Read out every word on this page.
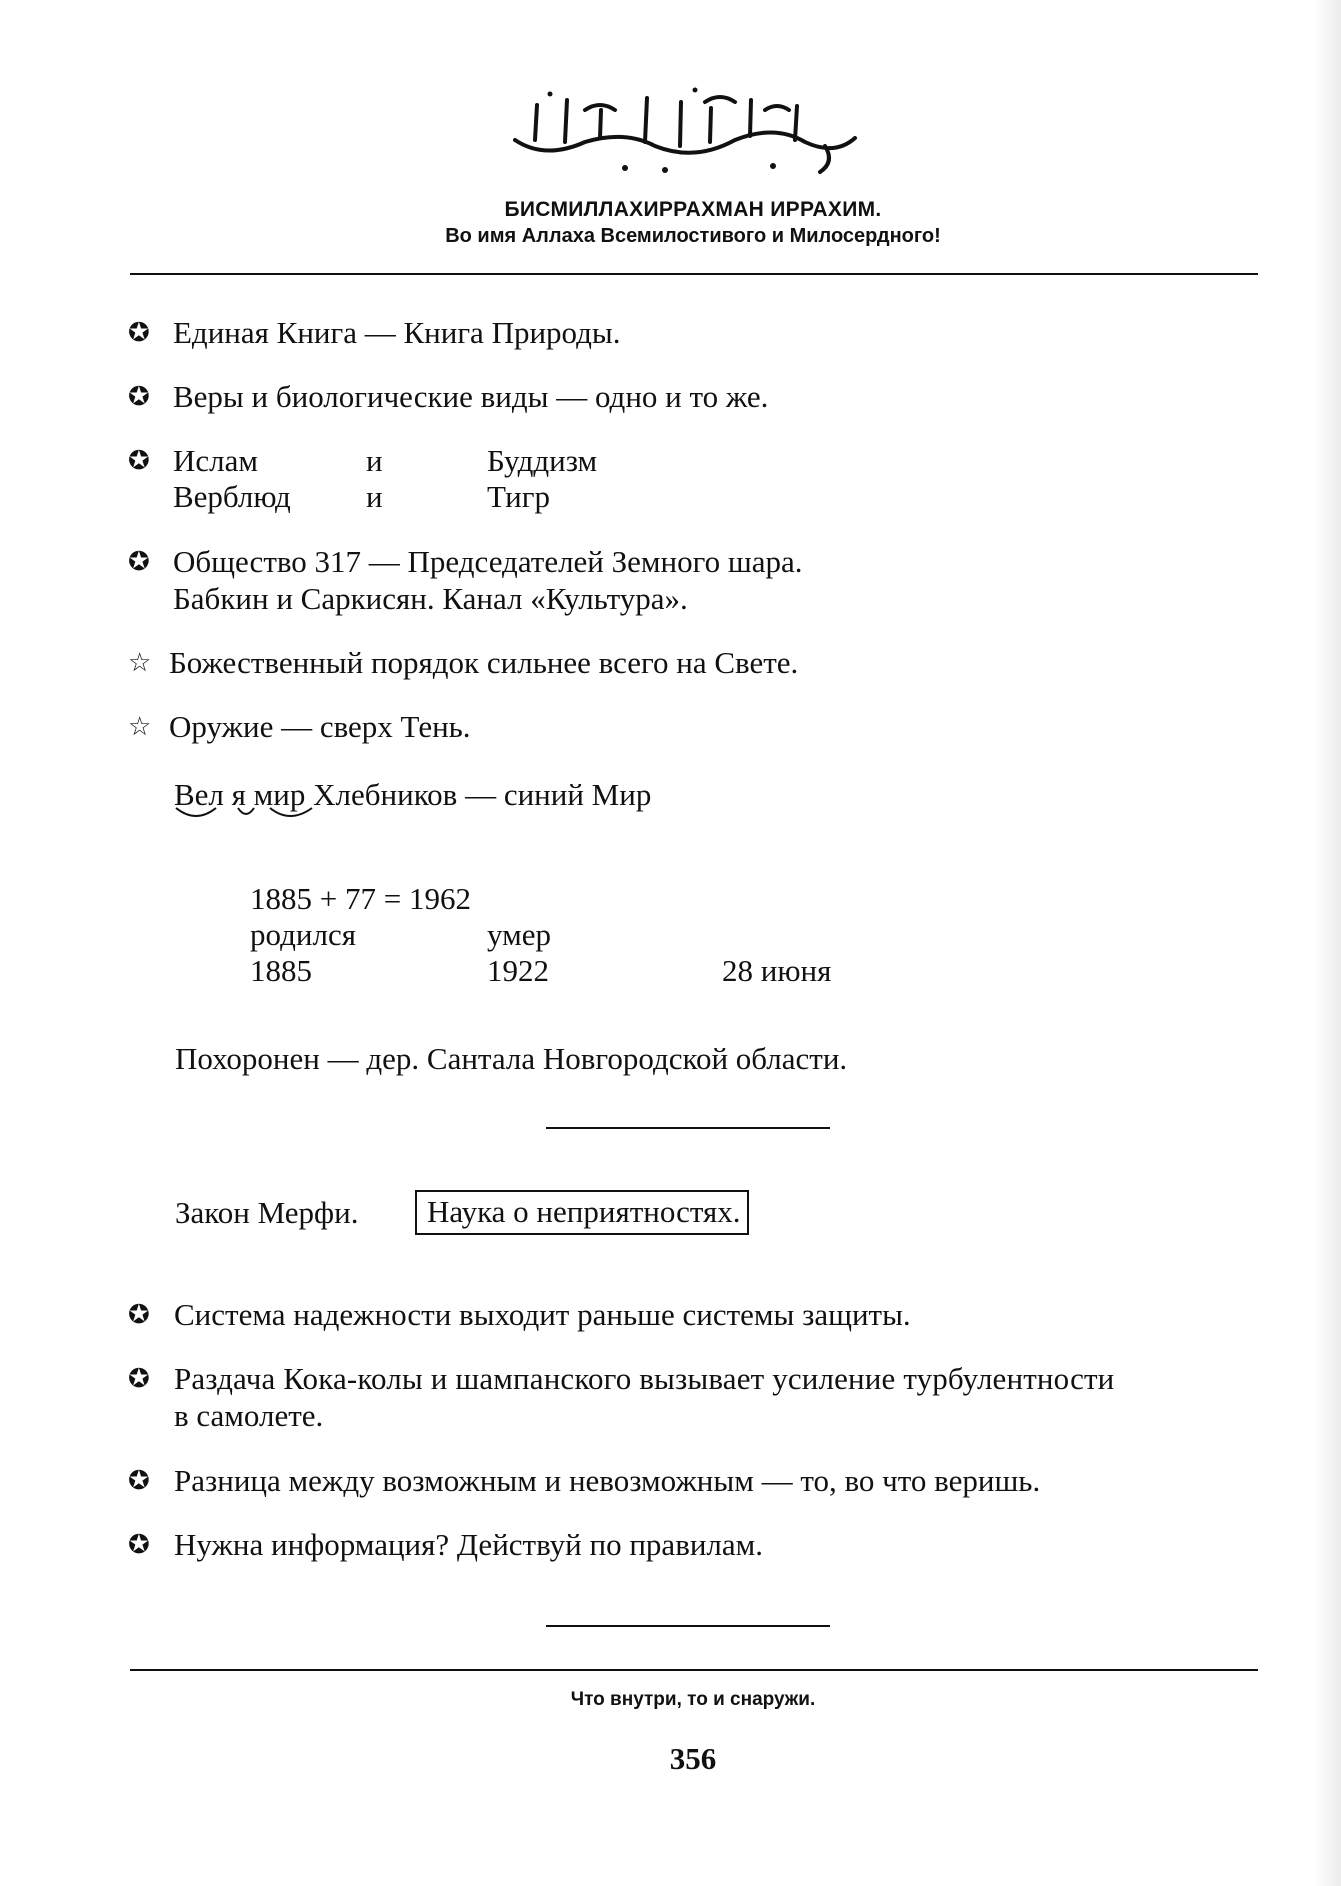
БИСМИЛЛАХИРРАХМАН ИРРАХИМ.
Во имя Аллаха Всемилостивого и Милосердного!
✪ Единая Книга — Книга Природы.
✪ Веры и биологические виды — одно и то же.
✪ Ислам	и	Буддизм
Верблюд и	Тигр
✪ Общество 317 — Председателей Земного шара.
Бабкин и Саркисян. Канал «Культура».
☆ Божественный порядок сильнее всего на Свете.
☆ Оружие — сверх Тень.
Вел я мир Хлебников — синий Мир
1885 + 77 = 1962
родился	умер
1885	1922	28 июня
Похоронен — дер. Сантала Новгородской области.
Закон Мерфи.	Наука о неприятностях.
✪ Система надежности выходит раньше системы защиты.
✪ Раздача Кока-колы и шампанского вызывает усиление турбулентности
в самолете.
✪ Разница между возможным и невозможным — то, во что веришь.
✪ Нужна информация? Действуй по правилам.
Что внутри, то и снаружи.
356
